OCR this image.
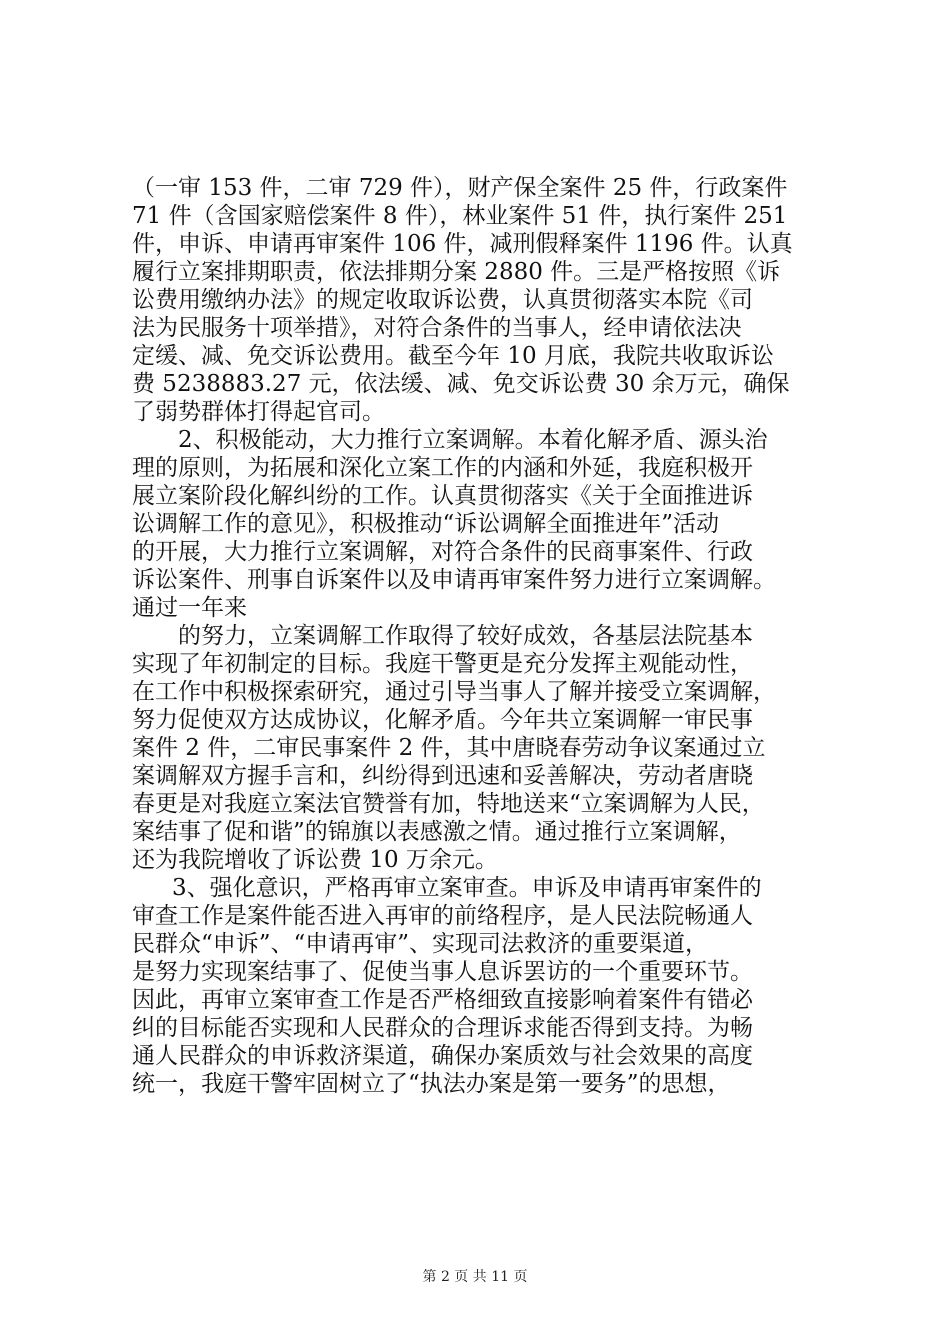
（一审 153 件，二审 729 件），财产保全案件 25 件，行政案件
71 件（含国家赔偿案件 8 件），林业案件 51 件，执行案件 251
件，申诉、申请再审案件 106 件，减刑假释案件 1196 件。认真
履行立案排期职责，依法排期分案 2880 件。三是严格按照《诉
讼费用缴纳办法》的规定收取诉讼费，认真贯彻落实本院《司
法为民服务十项举措》，对符合条件的当事人，经申请依法决
定缓、减、免交诉讼费用。截至今年 10 月底，我院共收取诉讼
费 5238883.27 元，依法缓、减、免交诉讼费 30 余万元，确保
了弱势群体打得起官司。
2、积极能动，大力推行立案调解。本着化解矛盾、源头治
理的原则，为拓展和深化立案工作的内涵和外延，我庭积极开
展立案阶段化解纠纷的工作。认真贯彻落实《关于全面推进诉
讼调解工作的意见》，积极推动“诉讼调解全面推进年”活动
的开展，大力推行立案调解，对符合条件的民商事案件、行政
诉讼案件、刑事自诉案件以及申请再审案件努力进行立案调解。
通过一年来
的努力，立案调解工作取得了较好成效，各基层法院基本
实现了年初制定的目标。我庭干警更是充分发挥主观能动性，
在工作中积极探索研究，通过引导当事人了解并接受立案调解，
努力促使双方达成协议，化解矛盾。今年共立案调解一审民事
案件 2 件，二审民事案件 2 件，其中唐晓春劳动争议案通过立
案调解双方握手言和，纠纷得到迅速和妥善解决，劳动者唐晓
春更是对我庭立案法官赞誉有加，特地送来“立案调解为人民，
案结事了促和谐”的锦旗以表感激之情。通过推行立案调解，
还为我院增收了诉讼费 10 万余元。
3、强化意识，严格再审立案审查。申诉及申请再审案件的
审查工作是案件能否进入再审的前络程序，是人民法院畅通人
民群众“申诉”、“申请再审”、实现司法救济的重要渠道，
是努力实现案结事了、促使当事人息诉罢访的一个重要环节。
因此，再审立案审查工作是否严格细致直接影响着案件有错必
纠的目标能否实现和人民群众的合理诉求能否得到支持。为畅
通人民群众的申诉救济渠道，确保办案质效与社会效果的高度
统一，我庭干警牢固树立了“执法办案是第一要务”的思想，
第 2 页 共 11 页
